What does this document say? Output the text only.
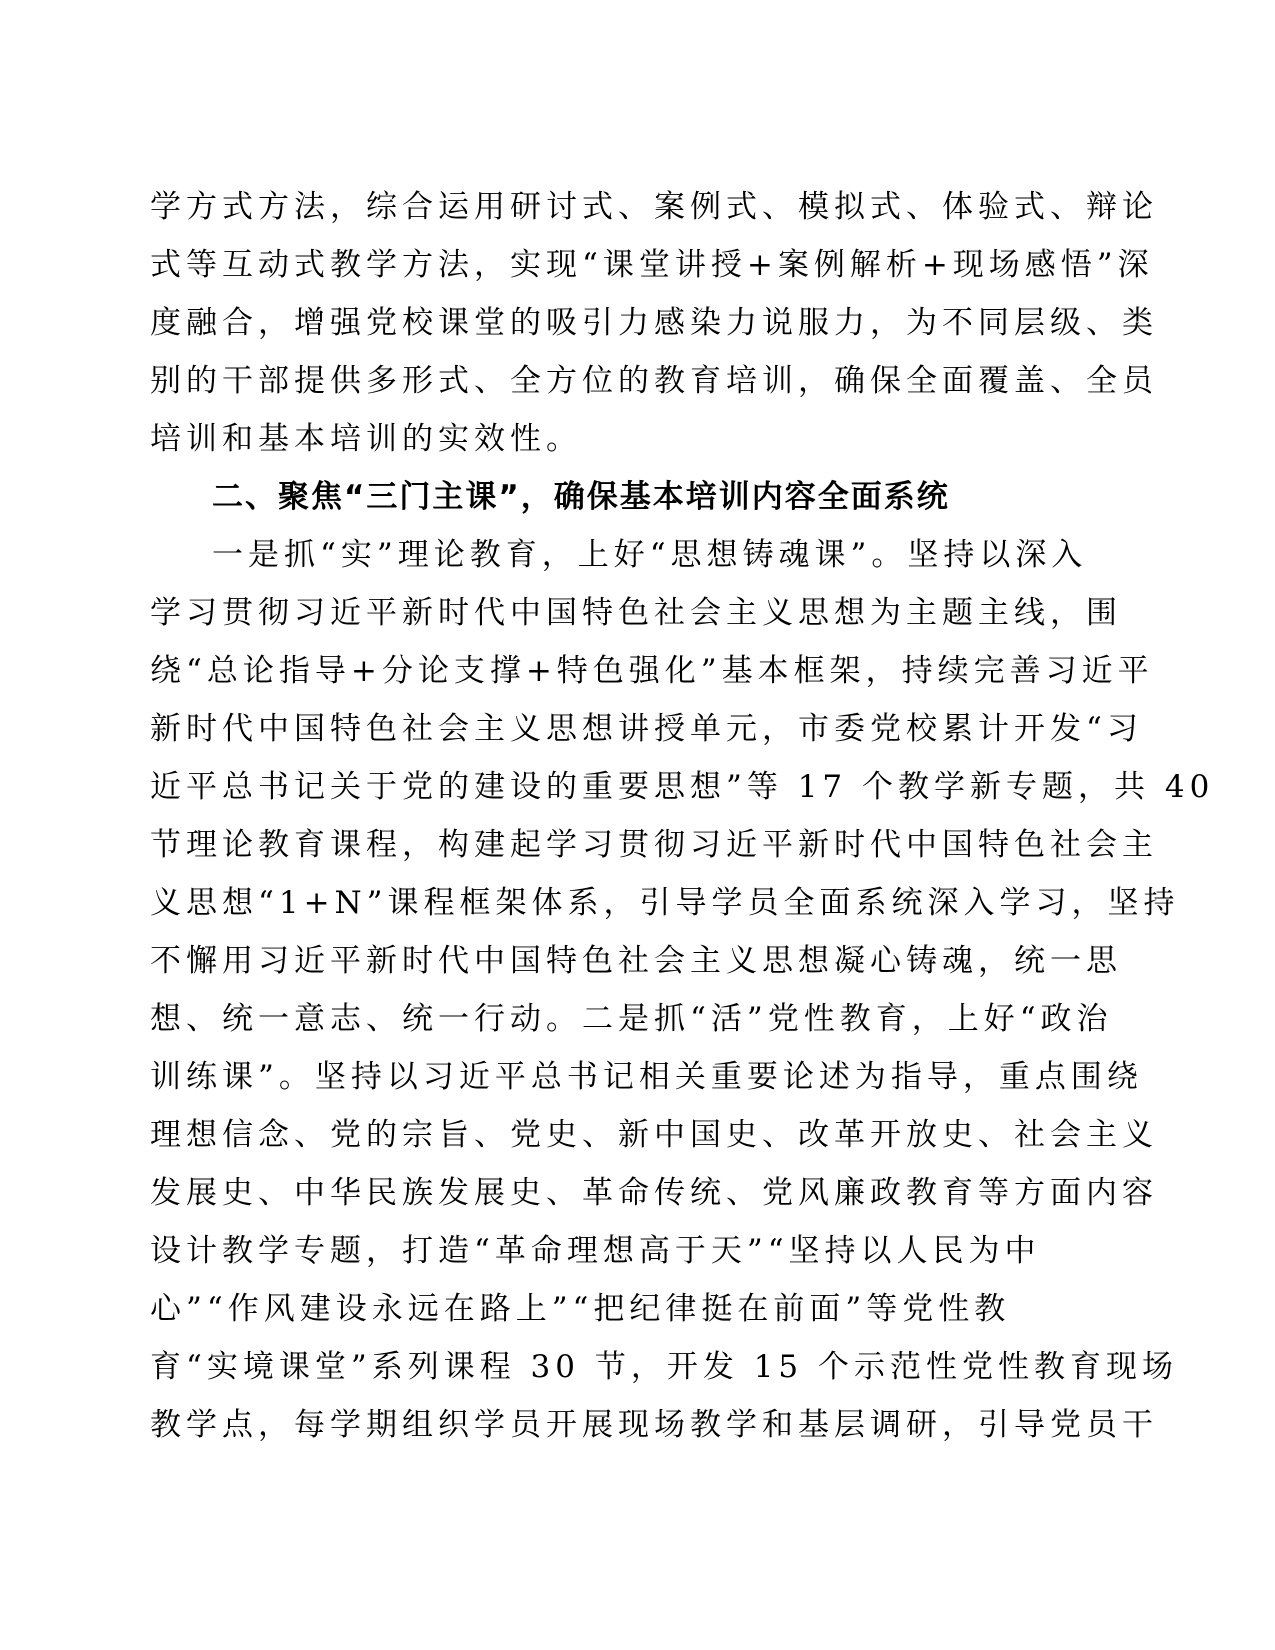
学方式方法，综合运用研讨式、案例式、模拟式、体验式、辩论
式等互动式教学方法，实现“课堂讲授+案例解析+现场感悟”深
度融合，增强党校课堂的吸引力感染力说服力，为不同层级、类
别的干部提供多形式、全方位的教育培训，确保全面覆盖、全员
培训和基本培训的实效性。
二、聚焦“三门主课”，确保基本培训内容全面系统
一是抓“实”理论教育，上好“思想铸魂课”。坚持以深入
学习贯彻习近平新时代中国特色社会主义思想为主题主线，围
绕“总论指导+分论支撑+特色强化”基本框架，持续完善习近平
新时代中国特色社会主义思想讲授单元，市委党校累计开发“习
近平总书记关于党的建设的重要思想”等 17 个教学新专题，共 40
节理论教育课程，构建起学习贯彻习近平新时代中国特色社会主
义思想“1+N”课程框架体系，引导学员全面系统深入学习，坚持
不懈用习近平新时代中国特色社会主义思想凝心铸魂，统一思
想、统一意志、统一行动。二是抓“活”党性教育，上好“政治
训练课”。坚持以习近平总书记相关重要论述为指导，重点围绕
理想信念、党的宗旨、党史、新中国史、改革开放史、社会主义
发展史、中华民族发展史、革命传统、党风廉政教育等方面内容
设计教学专题，打造“革命理想高于天”“坚持以人民为中
心”“作风建设永远在路上”“把纪律挺在前面”等党性教
育“实境课堂”系列课程 30 节，开发 15 个示范性党性教育现场
教学点，每学期组织学员开展现场教学和基层调研，引导党员干
